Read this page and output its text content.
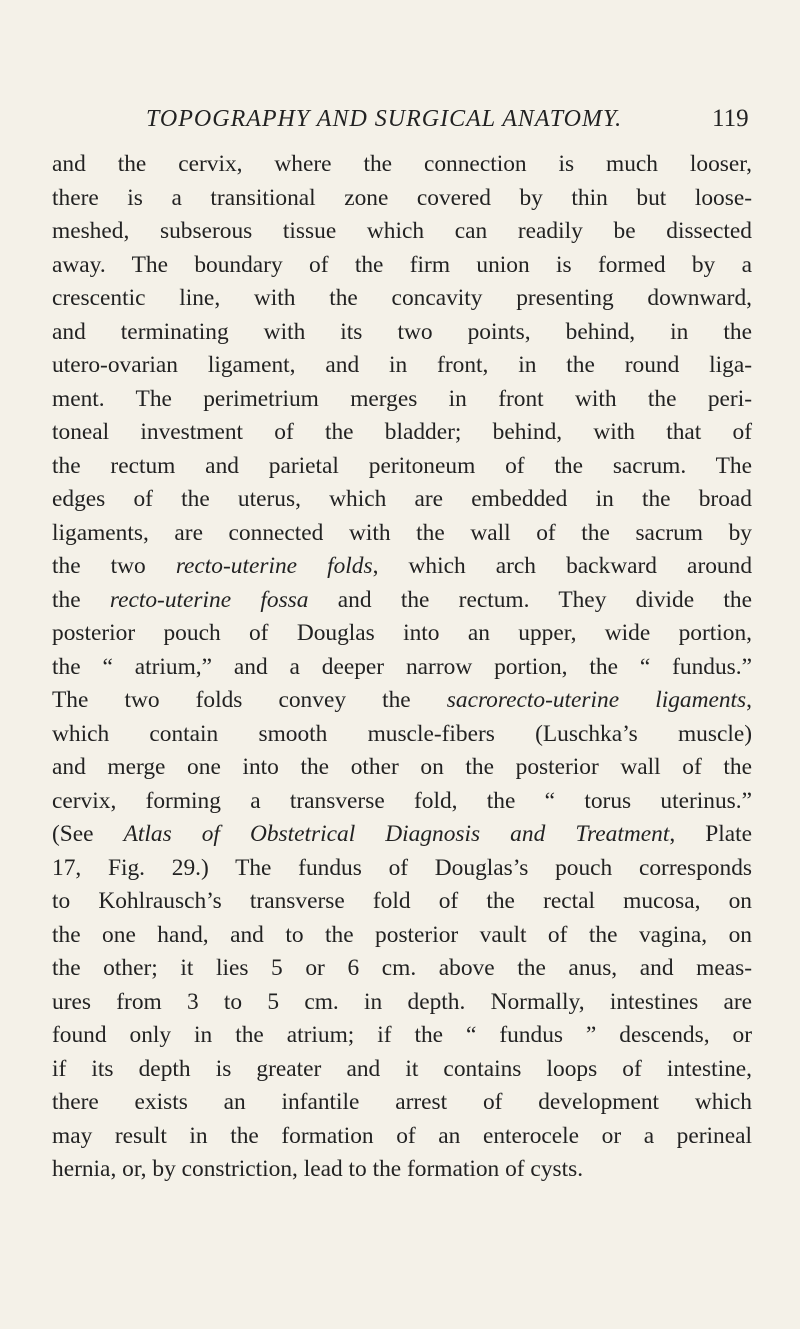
TOPOGRAPHY AND SURGICAL ANATOMY.	119
and the cervix, where the connection is much looser,
there is a transitional zone covered by thin but loose-
meshed, subserous tissue which can readily be dissected
away. The boundary of the firm union is formed by a
crescentic line, with the concavity presenting downward,
and terminating with its two points, behind, in the
utero-ovarian ligament, and in front, in the round liga-
ment. The perimetrium merges in front with the peri-
toneal investment of the bladder; behind, with that of
the rectum and parietal peritoneum of the sacrum. The
edges of the uterus, which are embedded in the broad
ligaments, are connected with the wall of the sacrum by
the two recto-uterine folds, which arch backward around
the recto-uterine fossa and the rectum. They divide the
posterior pouch of Douglas into an upper, wide portion,
the “ atrium,” and a deeper narrow portion, the “ fundus.”
The two folds convey the sacrorecto-uterine ligaments,
which contain smooth muscle-fibers (Luschka’s muscle)
and merge one into the other on the posterior wall of the
cervix, forming a transverse fold, the “ torus uterinus.”
(See Atlas of Obstetrical Diagnosis and Treatment, Plate
17, Fig. 29.) The fundus of Douglas’s pouch corresponds
to Kohlrausch’s transverse fold of the rectal mucosa, on
the one hand, and to the posterior vault of the vagina, on
the other; it lies 5 or 6 cm. above the anus, and meas-
ures from 3 to 5 cm. in depth. Normally, intestines are
found only in the atrium; if the “ fundus ” descends, or
if its depth is greater and it contains loops of intestine,
there exists an infantile arrest of development which
may result in the formation of an enterocele or a perineal
hernia, or, by constriction, lead to the formation of cysts.
